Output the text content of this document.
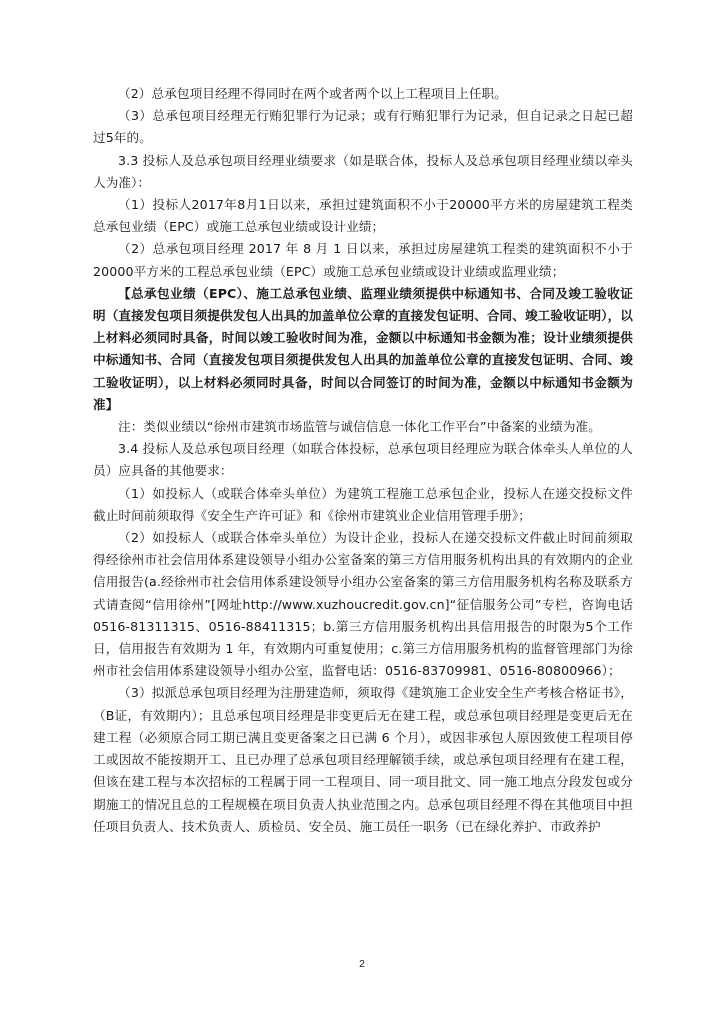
（2）总承包项目经理不得同时在两个或者两个以上工程项目上任职。

（3）总承包项目经理无行贿犯罪行为记录；或有行贿犯罪行为记录，但自记录之日起已超过5年的。

3.3 投标人及总承包项目经理业绩要求（如是联合体，投标人及总承包项目经理业绩以牵头人为准）：

（1）投标人2017年8月1日以来，承担过建筑面积不小于20000平方米的房屋建筑工程类总承包业绩（EPC）或施工总承包业绩或设计业绩；

（2）总承包项目经理 2017 年 8 月 1 日以来，承担过房屋建筑工程类的建筑面积不小于20000平方米的工程总承包业绩（EPC）或施工总承包业绩或设计业绩或监理业绩；

【总承包业绩（EPC）、施工总承包业绩、监理业绩须提供中标通知书、合同及竣工验收证明（直接发包项目须提供发包人出具的加盖单位公章的直接发包证明、合同、竣工验收证明），以上材料必须同时具备，时间以竣工验收时间为准，金额以中标通知书金额为准；设计业绩须提供中标通知书、合同（直接发包项目须提供发包人出具的加盖单位公章的直接发包证明、合同、竣工验收证明），以上材料必须同时具备，时间以合同签订的时间为准，金额以中标通知书金额为准】

注：类似业绩以“徐州市建筑市场监管与诚信信息一体化工作平台”中备案的业绩为准。

3.4 投标人及总承包项目经理（如联合体投标，总承包项目经理应为联合体牵头人单位的人员）应具备的其他要求：

（1）如投标人（或联合体牵头单位）为建筑工程施工总承包企业，投标人在递交投标文件截止时间前须取得《安全生产许可证》和《徐州市建筑业企业信用管理手册》；

（2）如投标人（或联合体牵头单位）为设计企业，投标人在递交投标文件截止时间前须取得经徐州市社会信用体系建设领导小组办公室备案的第三方信用服务机构出具的有效期内的企业信用报告(a.经徐州市社会信用体系建设领导小组办公室备案的第三方信用服务机构名称及联系方式请查阅“信用徐州”[网址http://www.xuzhoucredit.gov.cn]“征信服务公司”专栏，咨询电话0516-81311315、0516-88411315；b.第三方信用服务机构出具信用报告的时限为5个工作日，信用报告有效期为 1 年，有效期内可重复使用；c.第三方信用服务机构的监督管理部门为徐州市社会信用体系建设领导小组办公室，监督电话：0516-83709981、0516-80800966）；

（3）拟派总承包项目经理为注册建造师，须取得《建筑施工企业安全生产考核合格证书》，（B证，有效期内）；且总承包项目经理是非变更后无在建工程，或总承包项目经理是变更后无在建工程（必须原合同工期已满且变更备案之日已满 6 个月），或因非承包人原因致使工程项目停工或因故不能按期开工、且已办理了总承包项目经理解锁手续，或总承包项目经理有在建工程，但该在建工程与本次招标的工程属于同一工程项目、同一项目批文、同一施工地点分段发包或分期施工的情况且总的工程规模在项目负责人执业范围之内。总承包项目经理不得在其他项目中担任项目负责人、技术负责人、质检员、安全员、施工员任一职务（已在绿化养护、市政养护

2
